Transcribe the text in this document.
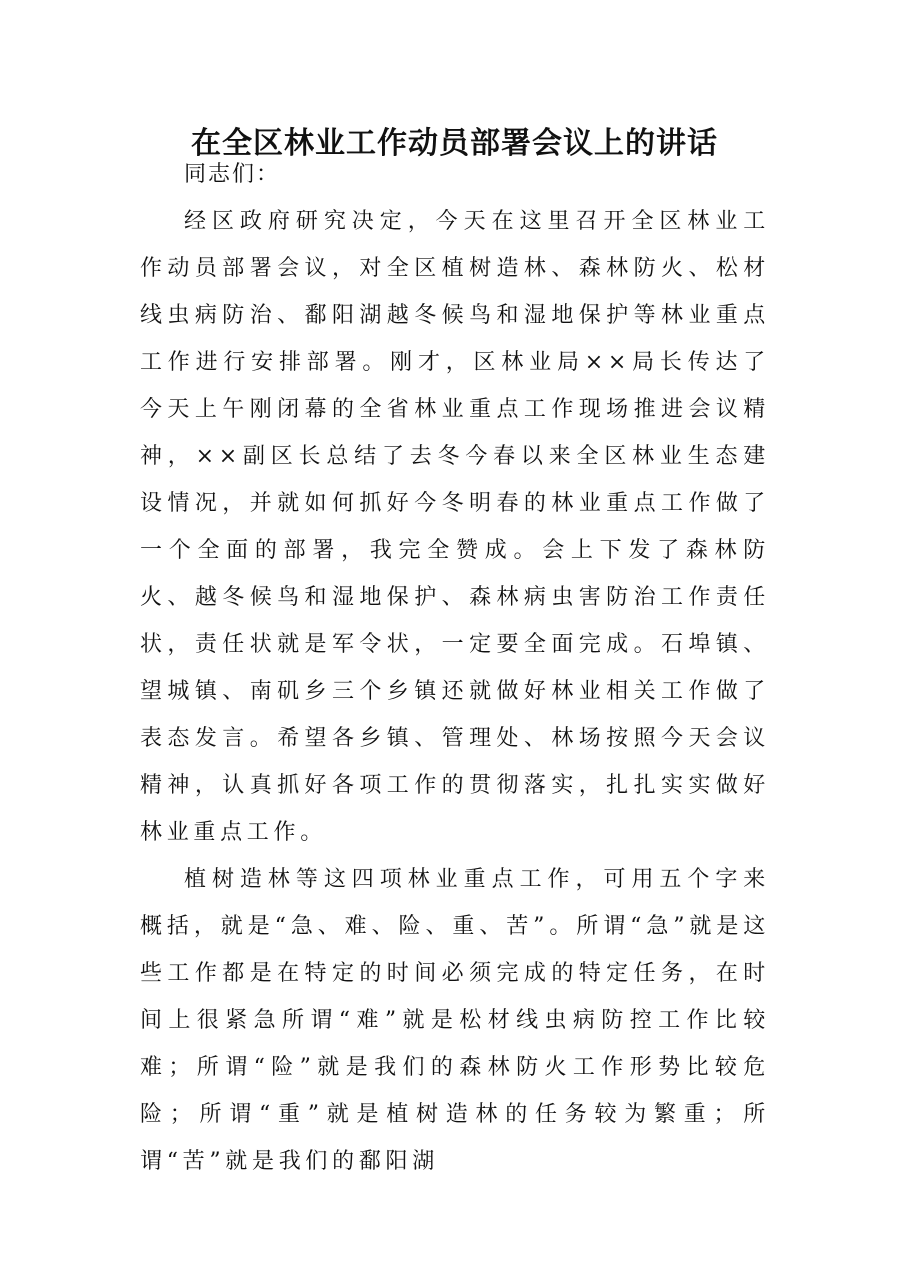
在全区林业工作动员部署会议上的讲话

同志们：

经区政府研究决定，今天在这里召开全区林业工作动员部署会议，对全区植树造林、森林防火、松材线虫病防治、鄱阳湖越冬候鸟和湿地保护等林业重点工作进行安排部署。刚才，区林业局××局长传达了今天上午刚闭幕的全省林业重点工作现场推进会议精神，××副区长总结了去冬今春以来全区林业生态建设情况，并就如何抓好今冬明春的林业重点工作做了一个全面的部署，我完全赞成。会上下发了森林防火、越冬候鸟和湿地保护、森林病虫害防治工作责任状，责任状就是军令状，一定要全面完成。石埠镇、望城镇、南矶乡三个乡镇还就做好林业相关工作做了表态发言。希望各乡镇、管理处、林场按照今天会议精神，认真抓好各项工作的贯彻落实，扎扎实实做好林业重点工作。

植树造林等这四项林业重点工作，可用五个字来概括，就是“急、难、险、重、苦”。所谓“急”就是这些工作都是在特定的时间必须完成的特定任务，在时间上很紧急所谓“难”就是松材线虫病防控工作比较难；所谓“险”就是我们的森林防火工作形势比较危险；所谓“重”就是植树造林的任务较为繁重；所谓“苦”就是我们的鄱阳湖
